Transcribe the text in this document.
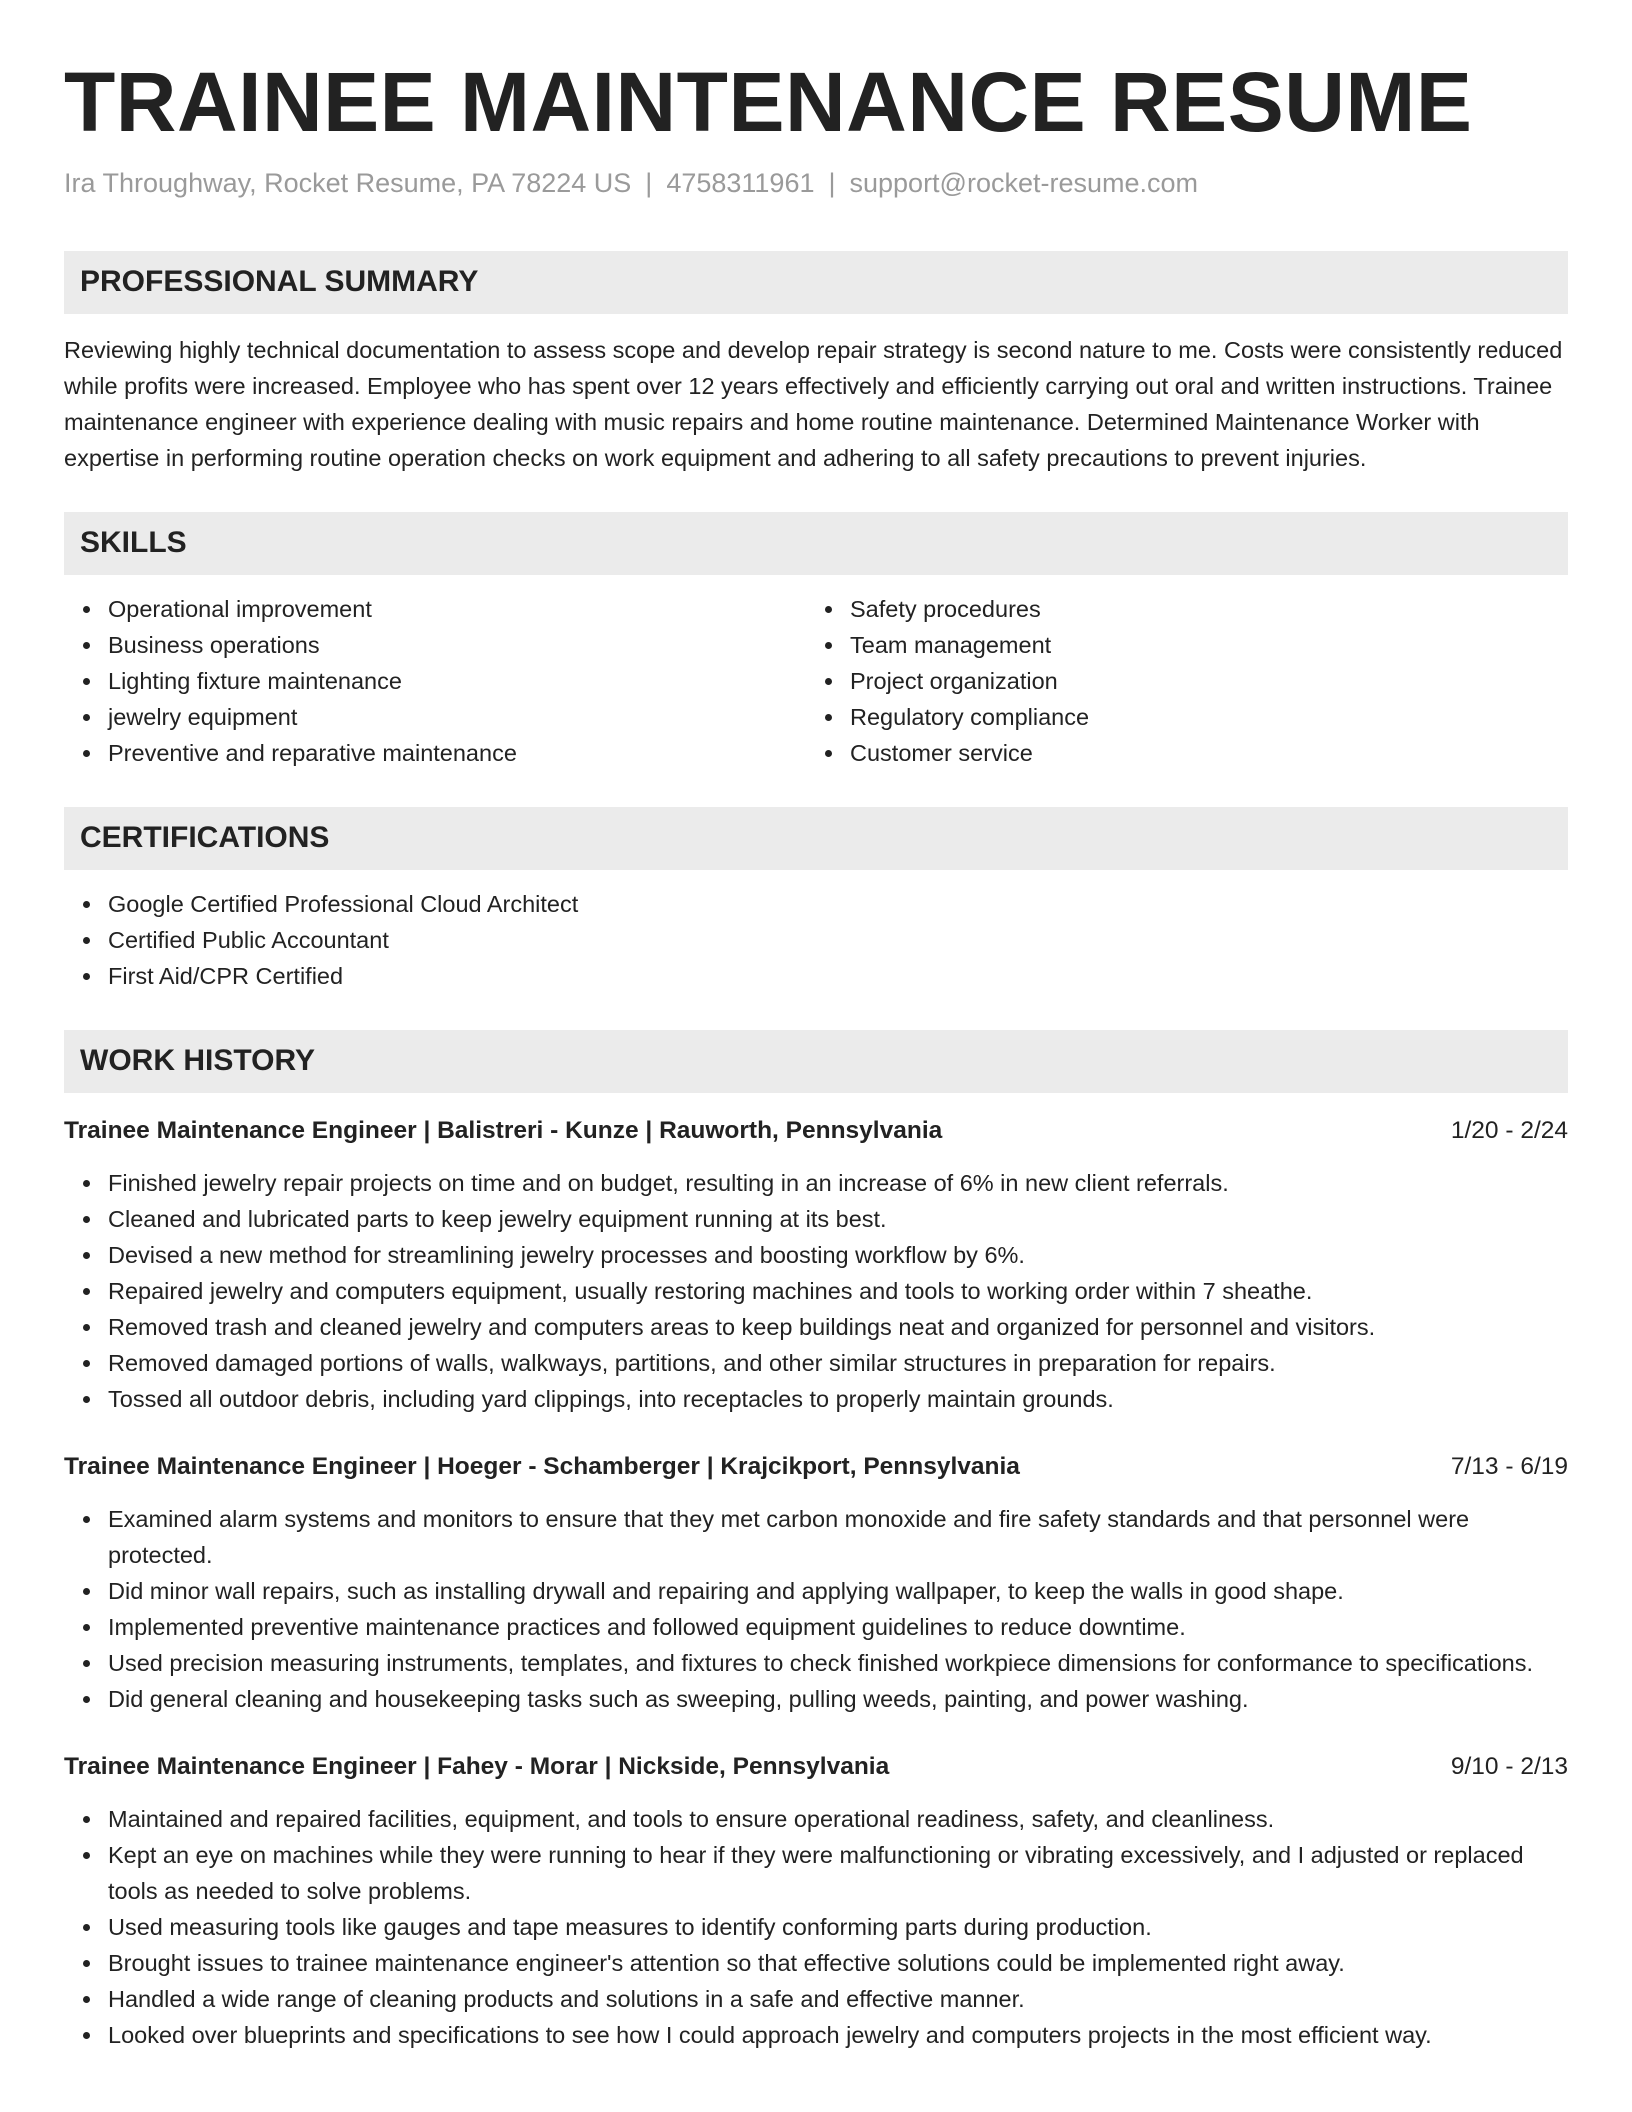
TRAINEE MAINTENANCE RESUME
Ira Throughway, Rocket Resume, PA 78224 US | 4758311961 | support@rocket-resume.com
PROFESSIONAL SUMMARY

Reviewing highly technical documentation to assess scope and develop repair strategy is second nature to me. Costs were consistently reduced while profits were increased. Employee who has spent over 12 years effectively and efficiently carrying out oral and written instructions. Trainee maintenance engineer with experience dealing with music repairs and home routine maintenance. Determined Maintenance Worker with expertise in performing routine operation checks on work equipment and adhering to all safety precautions to prevent injuries.

SKILLS
Operational improvement
Business operations
Lighting fixture maintenance
jewelry equipment
Preventive and reparative maintenance
Safety procedures
Team management
Project organization
Regulatory compliance
Customer service
CERTIFICATIONS
Google Certified Professional Cloud Architect
Certified Public Accountant
First Aid/CPR Certified
WORK HISTORY
Trainee Maintenance Engineer | Balistreri - Kunze | Rauworth, Pennsylvania	1/20 - 2/24
Finished jewelry repair projects on time and on budget, resulting in an increase of 6% in new client referrals.
Cleaned and lubricated parts to keep jewelry equipment running at its best.
Devised a new method for streamlining jewelry processes and boosting workflow by 6%.
Repaired jewelry and computers equipment, usually restoring machines and tools to working order within 7 sheathe.
Removed trash and cleaned jewelry and computers areas to keep buildings neat and organized for personnel and visitors.
Removed damaged portions of walls, walkways, partitions, and other similar structures in preparation for repairs.
Tossed all outdoor debris, including yard clippings, into receptacles to properly maintain grounds.
Trainee Maintenance Engineer | Hoeger - Schamberger | Krajcikport, Pennsylvania	7/13 - 6/19
Examined alarm systems and monitors to ensure that they met carbon monoxide and fire safety standards and that personnel were protected.
Did minor wall repairs, such as installing drywall and repairing and applying wallpaper, to keep the walls in good shape.
Implemented preventive maintenance practices and followed equipment guidelines to reduce downtime.
Used precision measuring instruments, templates, and fixtures to check finished workpiece dimensions for conformance to specifications.
Did general cleaning and housekeeping tasks such as sweeping, pulling weeds, painting, and power washing.
Trainee Maintenance Engineer | Fahey - Morar | Nickside, Pennsylvania	9/10 - 2/13
Maintained and repaired facilities, equipment, and tools to ensure operational readiness, safety, and cleanliness.
Kept an eye on machines while they were running to hear if they were malfunctioning or vibrating excessively, and I adjusted or replaced tools as needed to solve problems.
Used measuring tools like gauges and tape measures to identify conforming parts during production.
Brought issues to trainee maintenance engineer's attention so that effective solutions could be implemented right away.
Handled a wide range of cleaning products and solutions in a safe and effective manner.
Looked over blueprints and specifications to see how I could approach jewelry and computers projects in the most efficient way.
